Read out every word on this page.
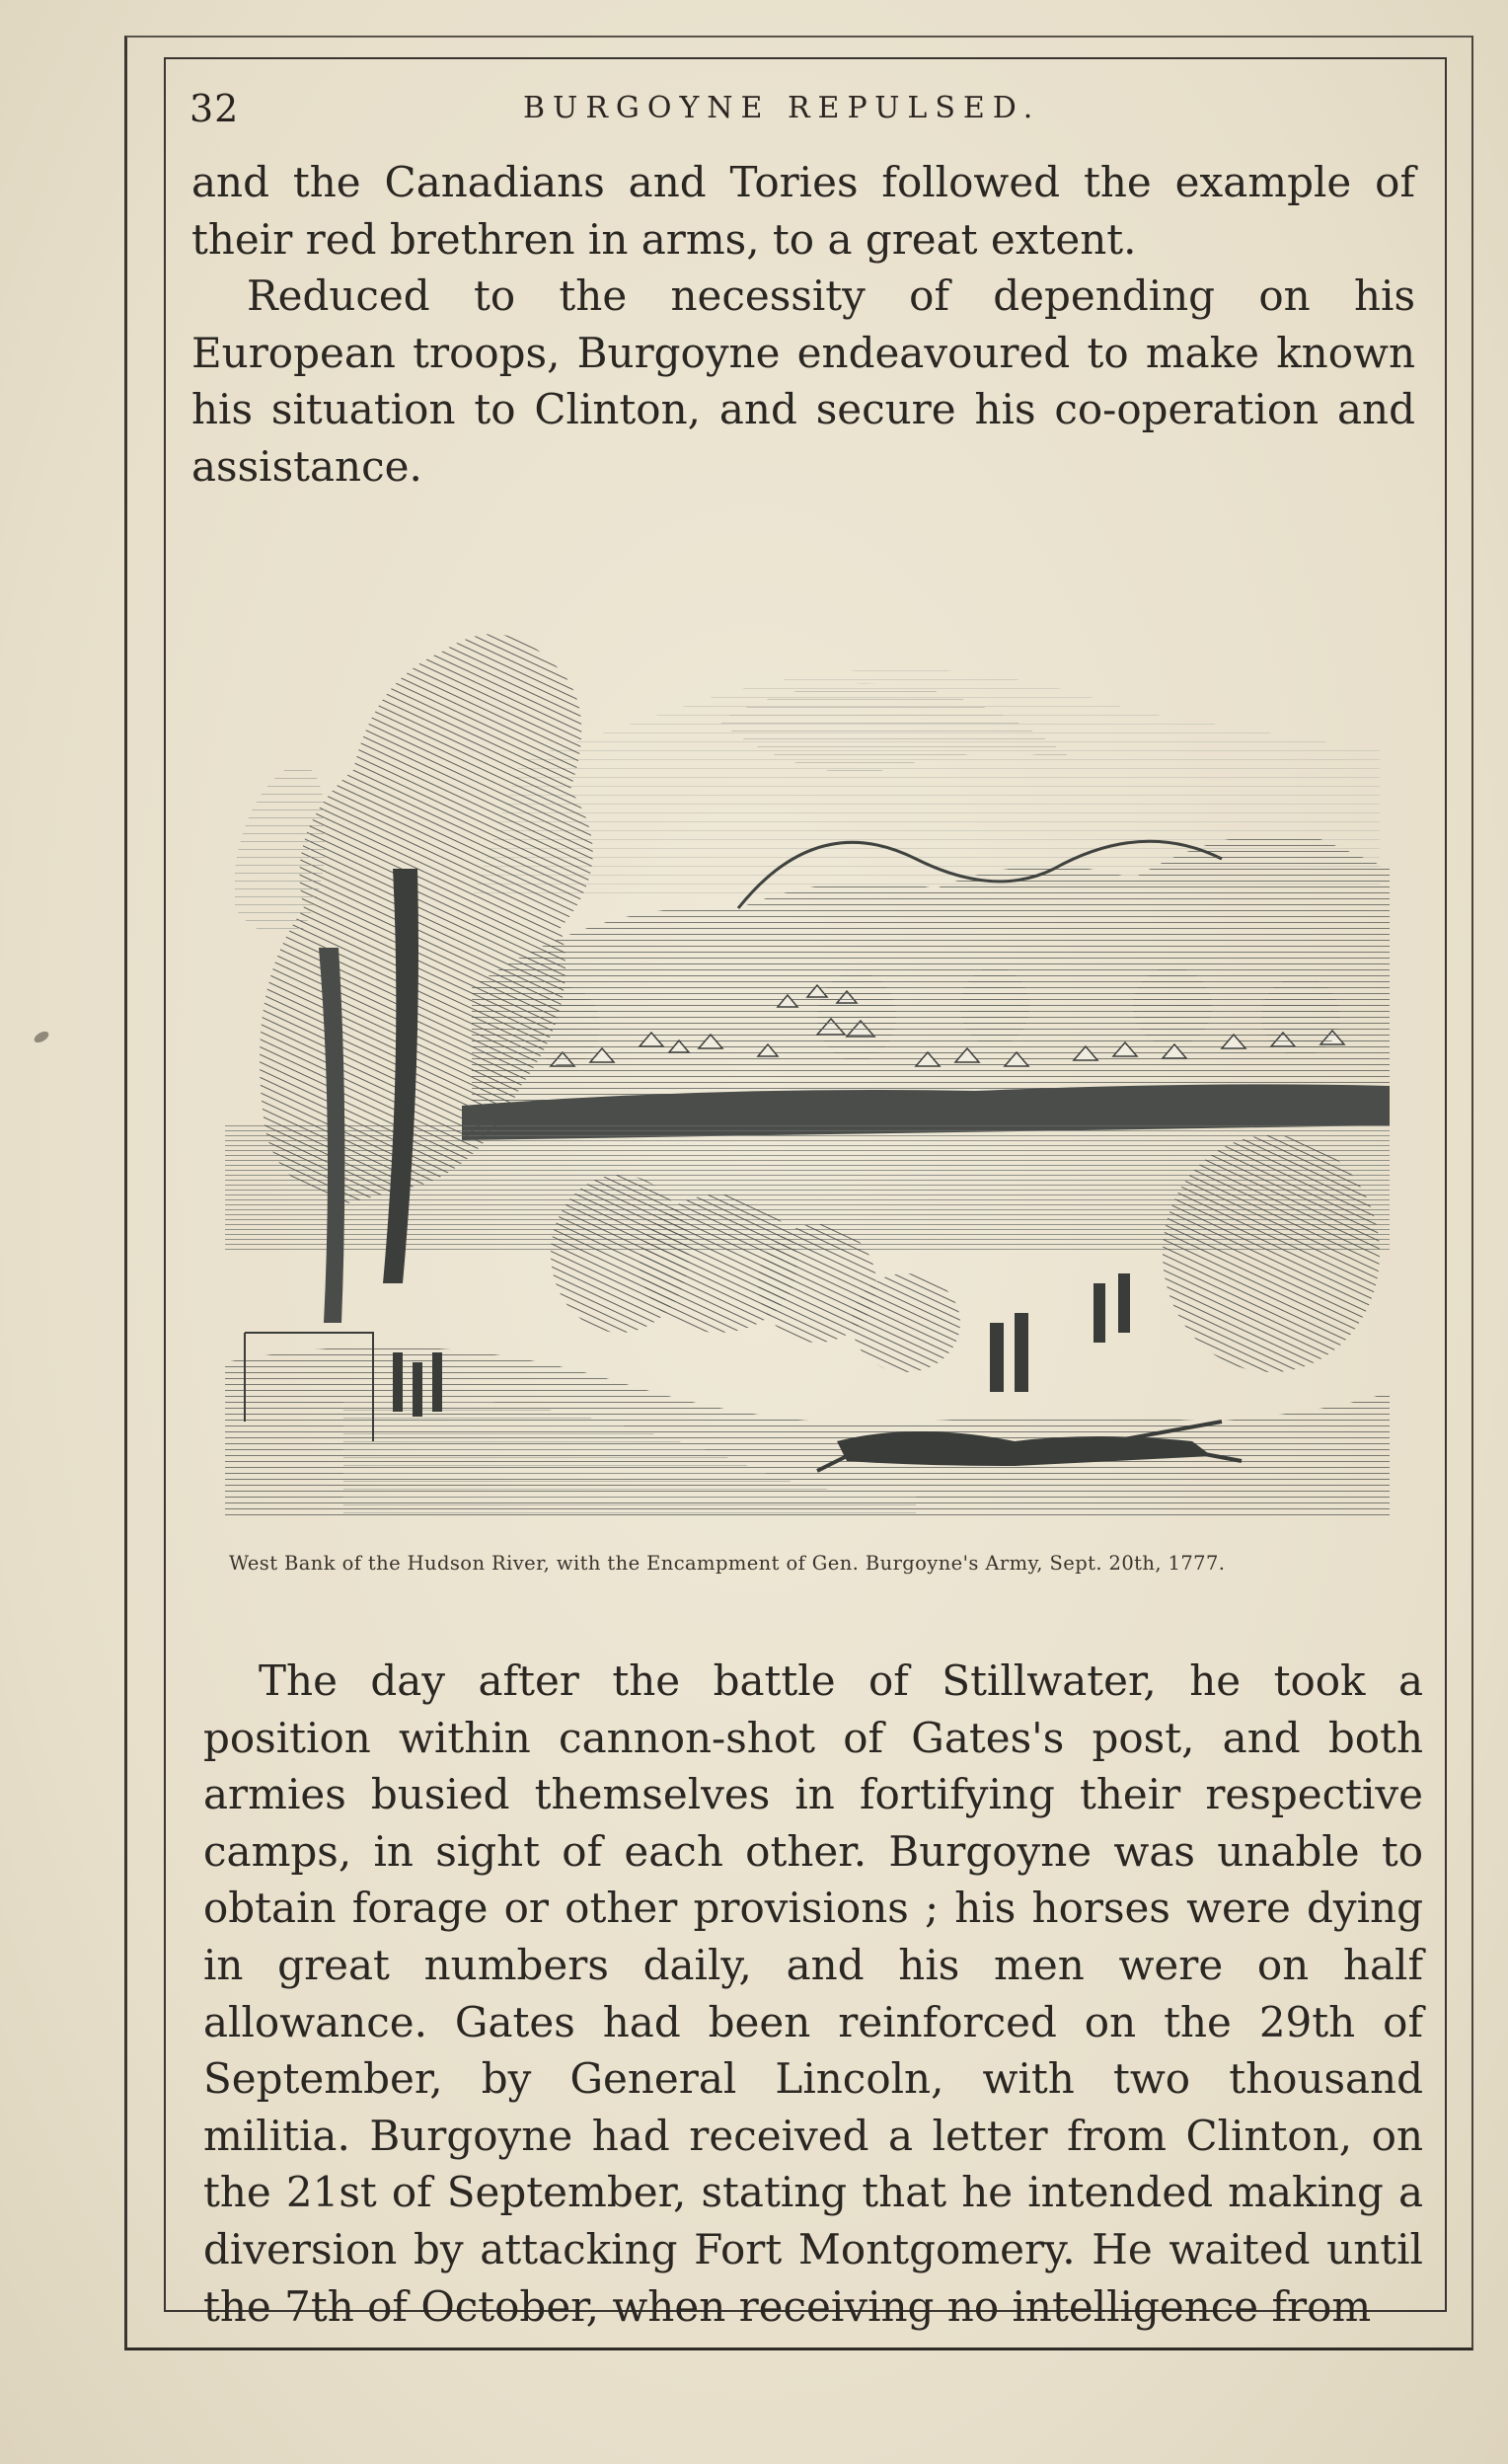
32	BURGOYNE REPULSED.

and the Canadians and Tories followed the example of their red brethren in arms, to a great extent.

Reduced to the necessity of depending on his European troops, Burgoyne endeavoured to make known his situation to Clinton, and secure his co-operation and assistance.

West Bank of the Hudson River, with the Encampment of Gen. Burgoyne's Army, Sept. 20th, 1777.

The day after the battle of Stillwater, he took a position within cannon-shot of Gates's post, and both armies busied themselves in fortifying their respective camps, in sight of each other. Burgoyne was unable to obtain forage or other provisions ; his horses were dying in great numbers daily, and his men were on half allowance. Gates had been reinforced on the 29th of September, by General Lincoln, with two thousand militia. Burgoyne had received a letter from Clinton, on the 21st of September, stating that he intended making a diversion by attacking Fort Montgomery. He waited until the 7th of October, when receiving no intelligence from
